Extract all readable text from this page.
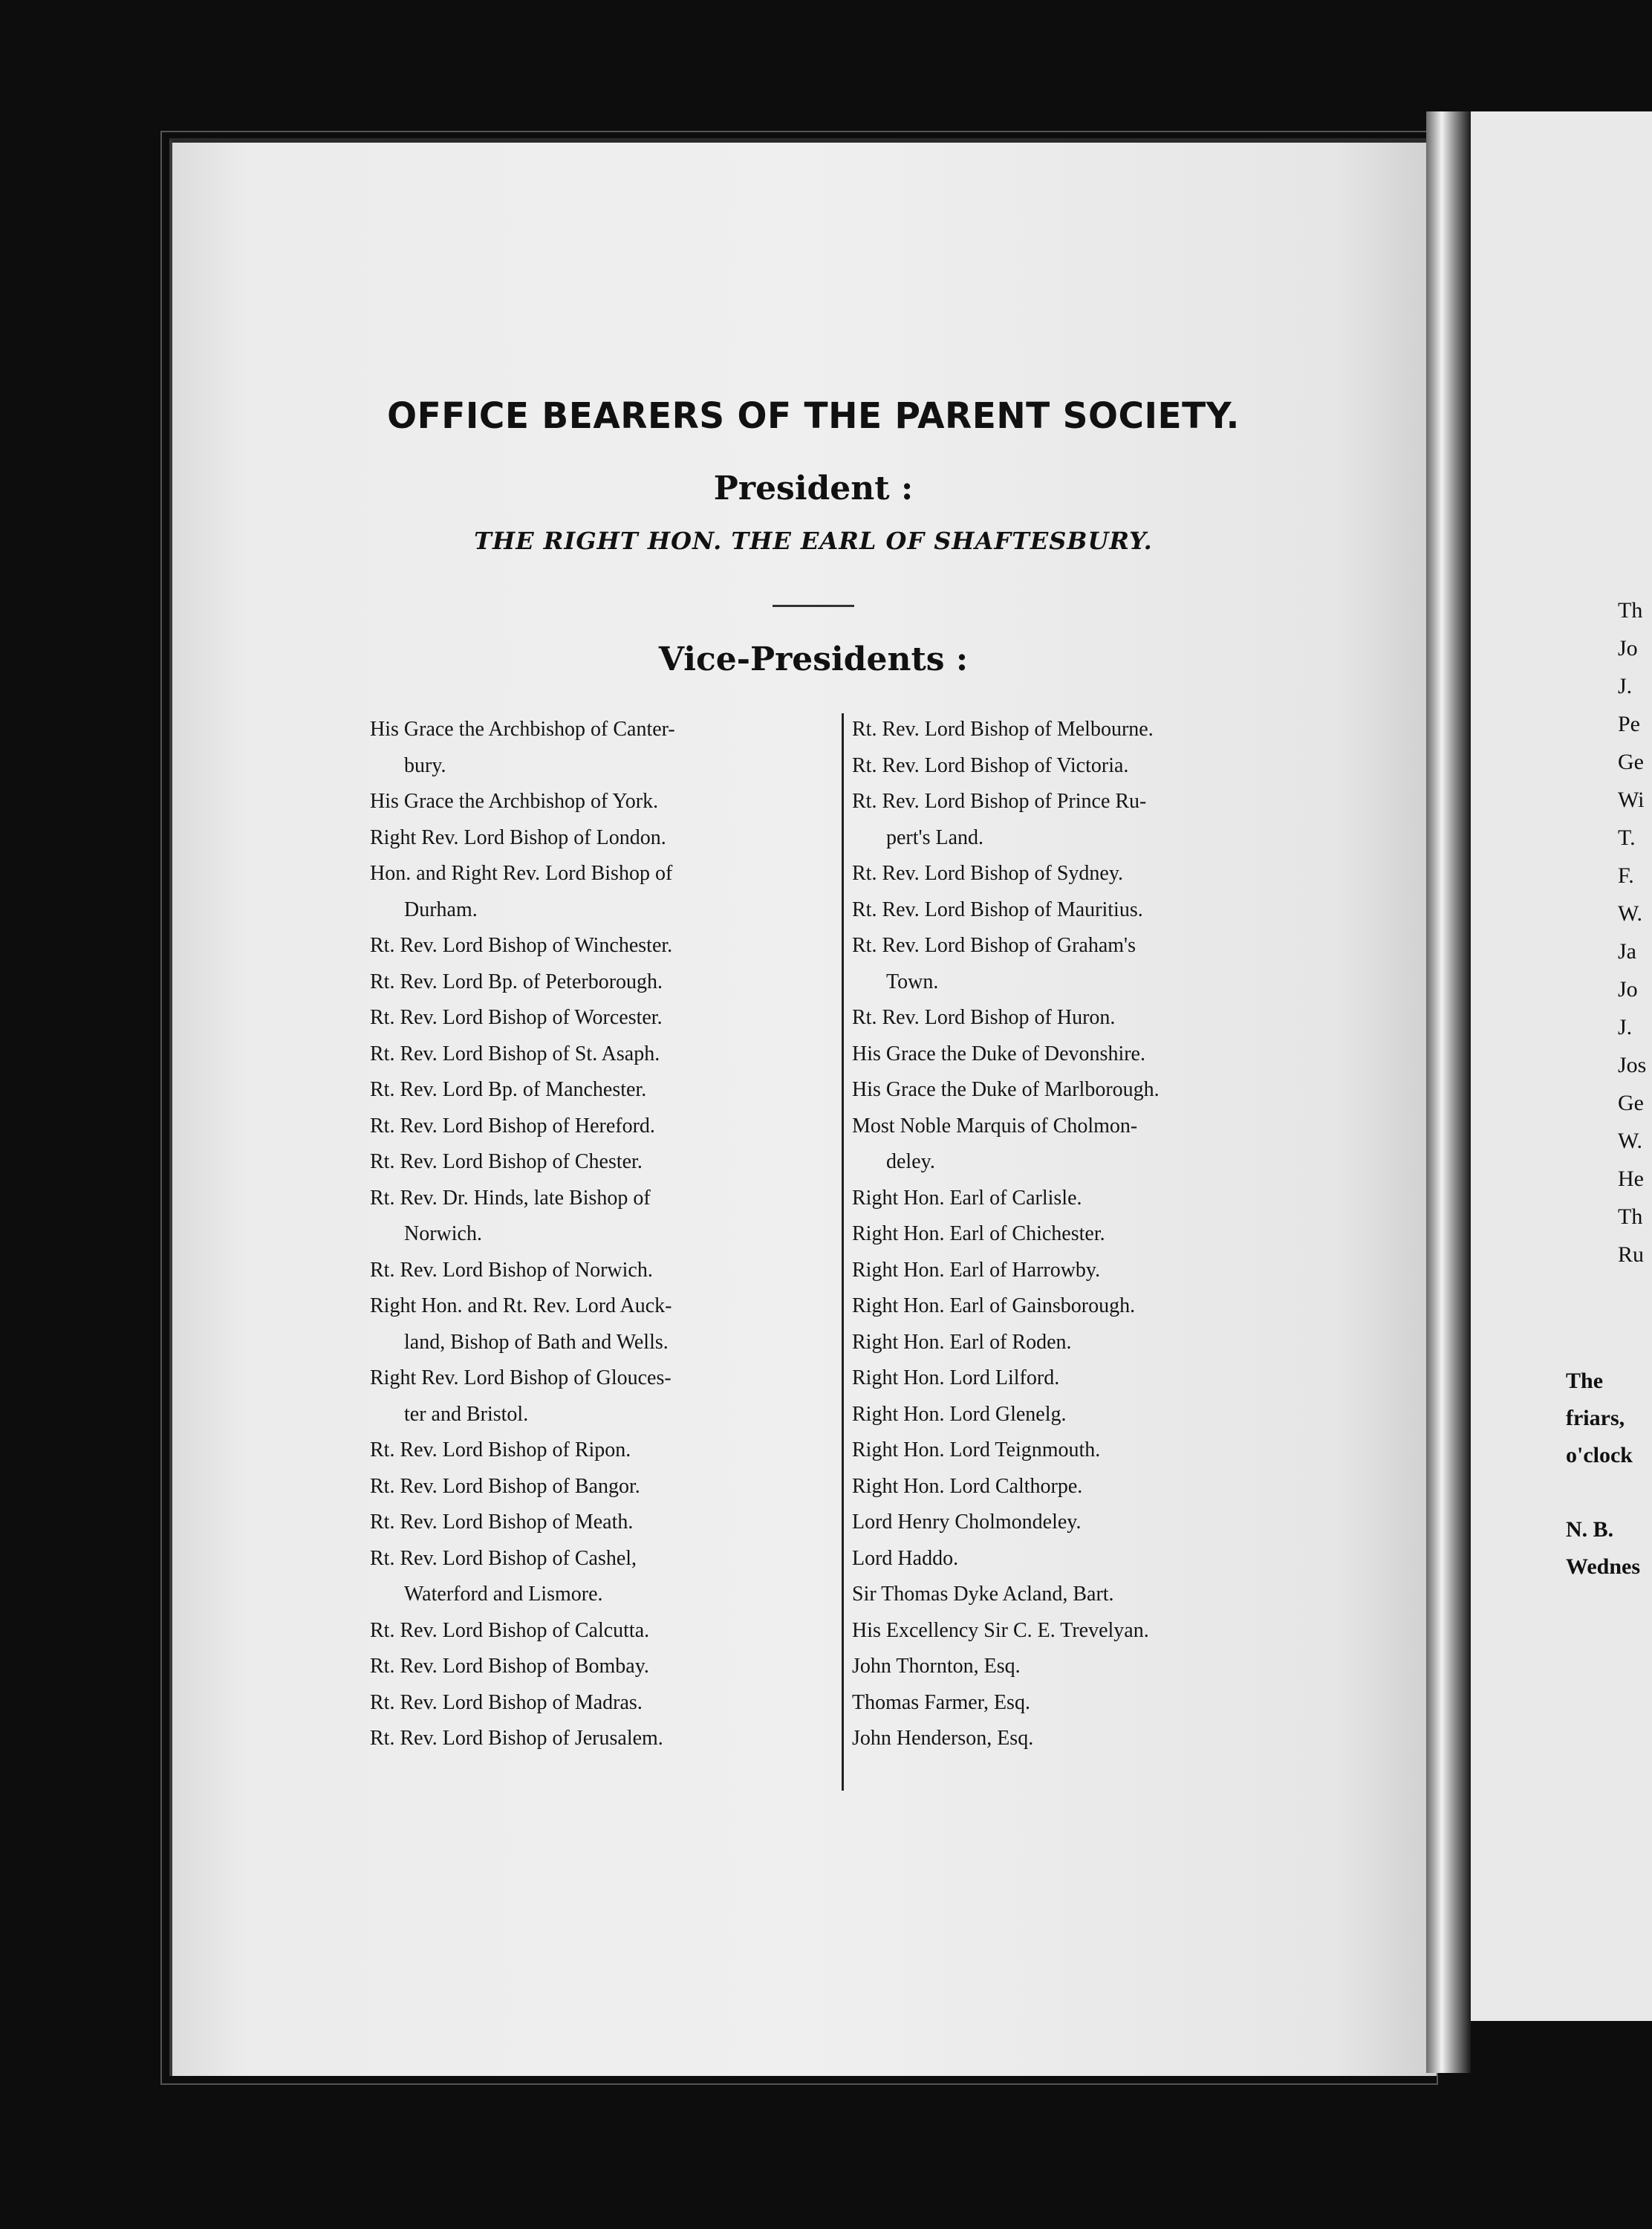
Th
Jo
J.
Pe
Ge
Wi
T.
F.
W.
Ja
Jo
J.
Jos
Ge
W.
He
Th
Ru
The
friars,
o'clock

N. B.
Wednes
OFFICE BEARERS OF THE PARENT SOCIETY.
President :
THE RIGHT HON. THE EARL OF SHAFTESBURY.
Vice-Presidents :
His Grace the Archbishop of Canter-
bury.
His Grace the Archbishop of York.
Right Rev. Lord Bishop of London.
Hon. and Right Rev. Lord Bishop of
Durham.
Rt. Rev. Lord Bishop of Winchester.
Rt. Rev. Lord Bp. of Peterborough.
Rt. Rev. Lord Bishop of Worcester.
Rt. Rev. Lord Bishop of St. Asaph.
Rt. Rev. Lord Bp. of Manchester.
Rt. Rev. Lord Bishop of Hereford.
Rt. Rev. Lord Bishop of Chester.
Rt. Rev. Dr. Hinds, late Bishop of
Norwich.
Rt. Rev. Lord Bishop of Norwich.
Right Hon. and Rt. Rev. Lord Auck-
land, Bishop of Bath and Wells.
Right Rev. Lord Bishop of Glouces-
ter and Bristol.
Rt. Rev. Lord Bishop of Ripon.
Rt. Rev. Lord Bishop of Bangor.
Rt. Rev. Lord Bishop of Meath.
Rt. Rev. Lord Bishop of Cashel,
Waterford and Lismore.
Rt. Rev. Lord Bishop of Calcutta.
Rt. Rev. Lord Bishop of Bombay.
Rt. Rev. Lord Bishop of Madras.
Rt. Rev. Lord Bishop of Jerusalem.
Rt. Rev. Lord Bishop of Melbourne.
Rt. Rev. Lord Bishop of Victoria.
Rt. Rev. Lord Bishop of Prince Ru-
pert's Land.
Rt. Rev. Lord Bishop of Sydney.
Rt. Rev. Lord Bishop of Mauritius.
Rt. Rev. Lord Bishop of Graham's
Town.
Rt. Rev. Lord Bishop of Huron.
His Grace the Duke of Devonshire.
His Grace the Duke of Marlborough.
Most Noble Marquis of Cholmon-
deley.
Right Hon. Earl of Carlisle.
Right Hon. Earl of Chichester.
Right Hon. Earl of Harrowby.
Right Hon. Earl of Gainsborough.
Right Hon. Earl of Roden.
Right Hon. Lord Lilford.
Right Hon. Lord Glenelg.
Right Hon. Lord Teignmouth.
Right Hon. Lord Calthorpe.
Lord Henry Cholmondeley.
Lord Haddo.
Sir Thomas Dyke Acland, Bart.
His Excellency Sir C. E. Trevelyan.
John Thornton, Esq.
Thomas Farmer, Esq.
John Henderson, Esq.
